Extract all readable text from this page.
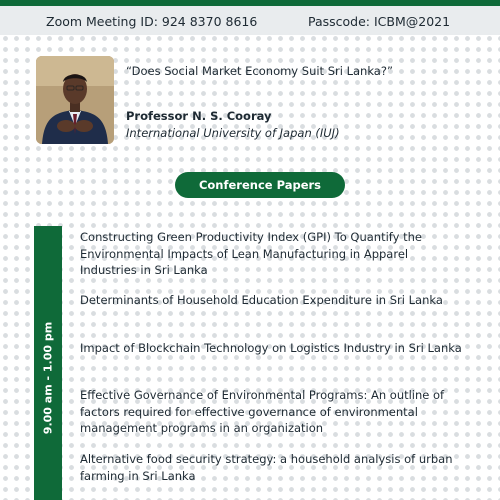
Zoom Meeting ID: 924 8370 8616	Passcode: ICBM@2021
“Does Social Market Economy Suit Sri Lanka?”
Professor N. S. Cooray
International University of Japan (IUJ)
Conference Papers
9.00 am - 1.00 pm
Constructing Green Productivity Index (GPI) To Quantify the Environmental Impacts of Lean Manufacturing in Apparel Industries in Sri Lanka
Determinants of Household Education Expenditure in Sri Lanka
Impact of Blockchain Technology on Logistics Industry in Sri Lanka
Effective Governance of Environmental Programs: An outline of factors required for effective governance of environmental management programs in an organization
Alternative food security strategy: a household analysis of urban farming in Sri Lanka
